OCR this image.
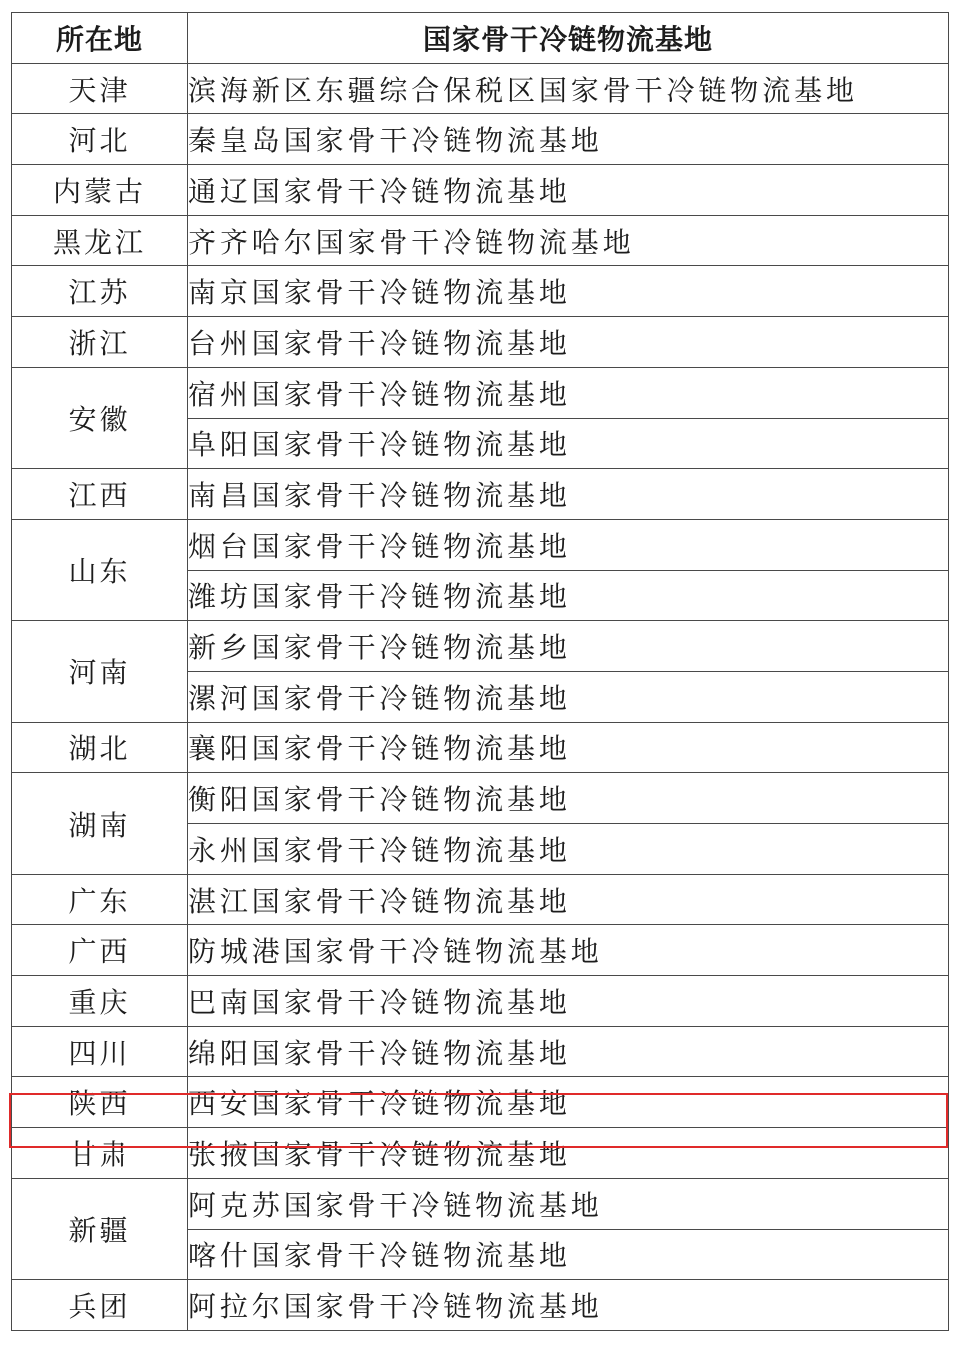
所在地	国家骨干冷链物流基地
天津	滨海新区东疆综合保税区国家骨干冷链物流基地
河北	秦皇岛国家骨干冷链物流基地
内蒙古	通辽国家骨干冷链物流基地
黑龙江	齐齐哈尔国家骨干冷链物流基地
江苏	南京国家骨干冷链物流基地
浙江	台州国家骨干冷链物流基地
安徽	宿州国家骨干冷链物流基地
	阜阳国家骨干冷链物流基地
江西	南昌国家骨干冷链物流基地
山东	烟台国家骨干冷链物流基地
	潍坊国家骨干冷链物流基地
河南	新乡国家骨干冷链物流基地
	漯河国家骨干冷链物流基地
湖北	襄阳国家骨干冷链物流基地
湖南	衡阳国家骨干冷链物流基地
	永州国家骨干冷链物流基地
广东	湛江国家骨干冷链物流基地
广西	防城港国家骨干冷链物流基地
重庆	巴南国家骨干冷链物流基地
四川	绵阳国家骨干冷链物流基地
陕西	西安国家骨干冷链物流基地
甘肃	张掖国家骨干冷链物流基地
新疆	阿克苏国家骨干冷链物流基地
	喀什国家骨干冷链物流基地
兵团	阿拉尔国家骨干冷链物流基地
